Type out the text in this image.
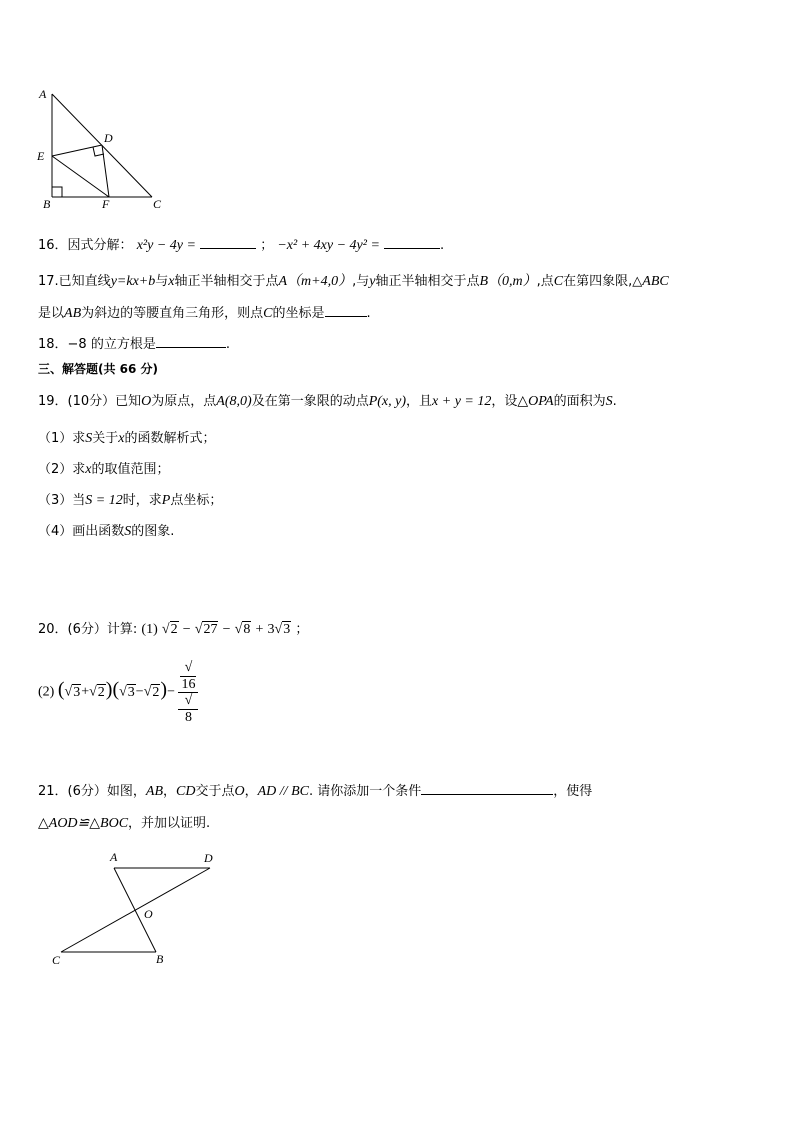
A
D
E
B	F	C
16．因式分解： x²y − 4y =	； −x² + 4xy − 4y² =	.
17.已知直线y=kx+b与x轴正半轴相交于点A（m+4,0）,与y轴正半轴相交于点B（0,m）,点C在第四象限,△ABC
是以AB为斜边的等腰直角三角形，则点C的坐标是	.
18．−8 的立方根是	.
三、解答题(共 66 分)
19．(10分）已知O为原点，点A(8,0)及在第一象限的动点P(x, y)，且x + y = 12，设△OPA的面积为S.
（1）求S关于x的函数解析式；
（2）求x的取值范围；
（3）当S = 12时，求P点坐标；
（4）画出函数S的图象.
20．(6分）计算: (1) √2 − √27 − √8 + 3√3 ；
(2) (√3+√2)(√3−√2)− √
16
√
8
21．(6分）如图，AB，CD交于点O，AD // BC. 请你添加一个条件	，使得
△AOD≌△BOC，并加以证明.
A	D
O
C	B
